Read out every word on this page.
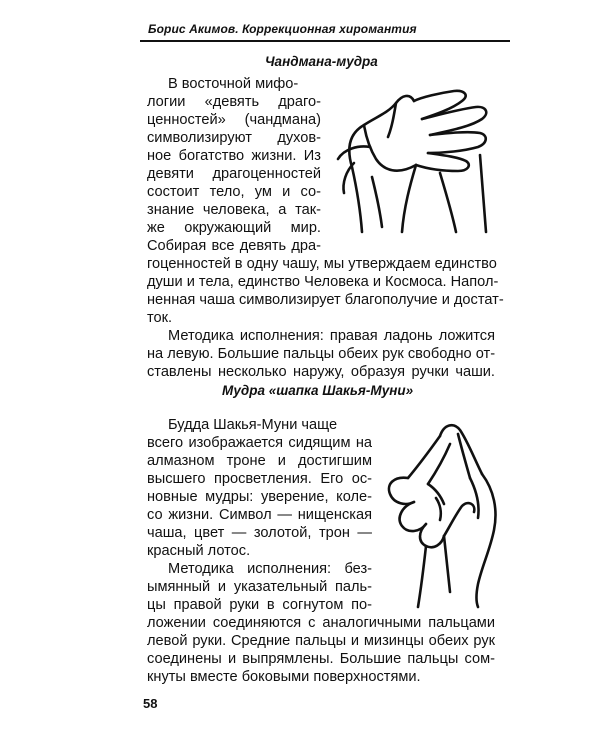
Борис Акимов. Коррекционная хиромантия
Чандмана-мудра
В восточной мифо-
логии «девять драго-
ценностей» (чандмана)
символизируют духов-
ное богатство жизни. Из
девяти драгоценностей
состоит тело, ум и со-
знание человека, а так-
же окружающий мир.
Собирая все девять дра-
гоценностей в одну чашу, мы утверждаем единство
души и тела, единство Человека и Космоса. Напол-
ненная чаша символизирует благополучие и достат-
ток.
Методика исполнения: правая ладонь ложится
на левую. Большие пальцы обеих рук свободно от-
ставлены несколько наружу, образуя ручки чаши.
Мудра «шапка Шакья-Муни»
Будда Шакья-Муни чаще
всего изображается сидящим на
алмазном троне и достигшим
высшего просветления. Его ос-
новные мудры: уверение, коле-
со жизни. Символ — нищенская
чаша, цвет — золотой, трон —
красный лотос.
Методика исполнения: без-
ымянный и указательный паль-
цы правой руки в согнутом по-
ложении соединяются с аналогичными пальцами
левой руки. Средние пальцы и мизинцы обеих рук
соединены и выпрямлены. Большие пальцы сом-
кнуты вместе боковыми поверхностями.
58
